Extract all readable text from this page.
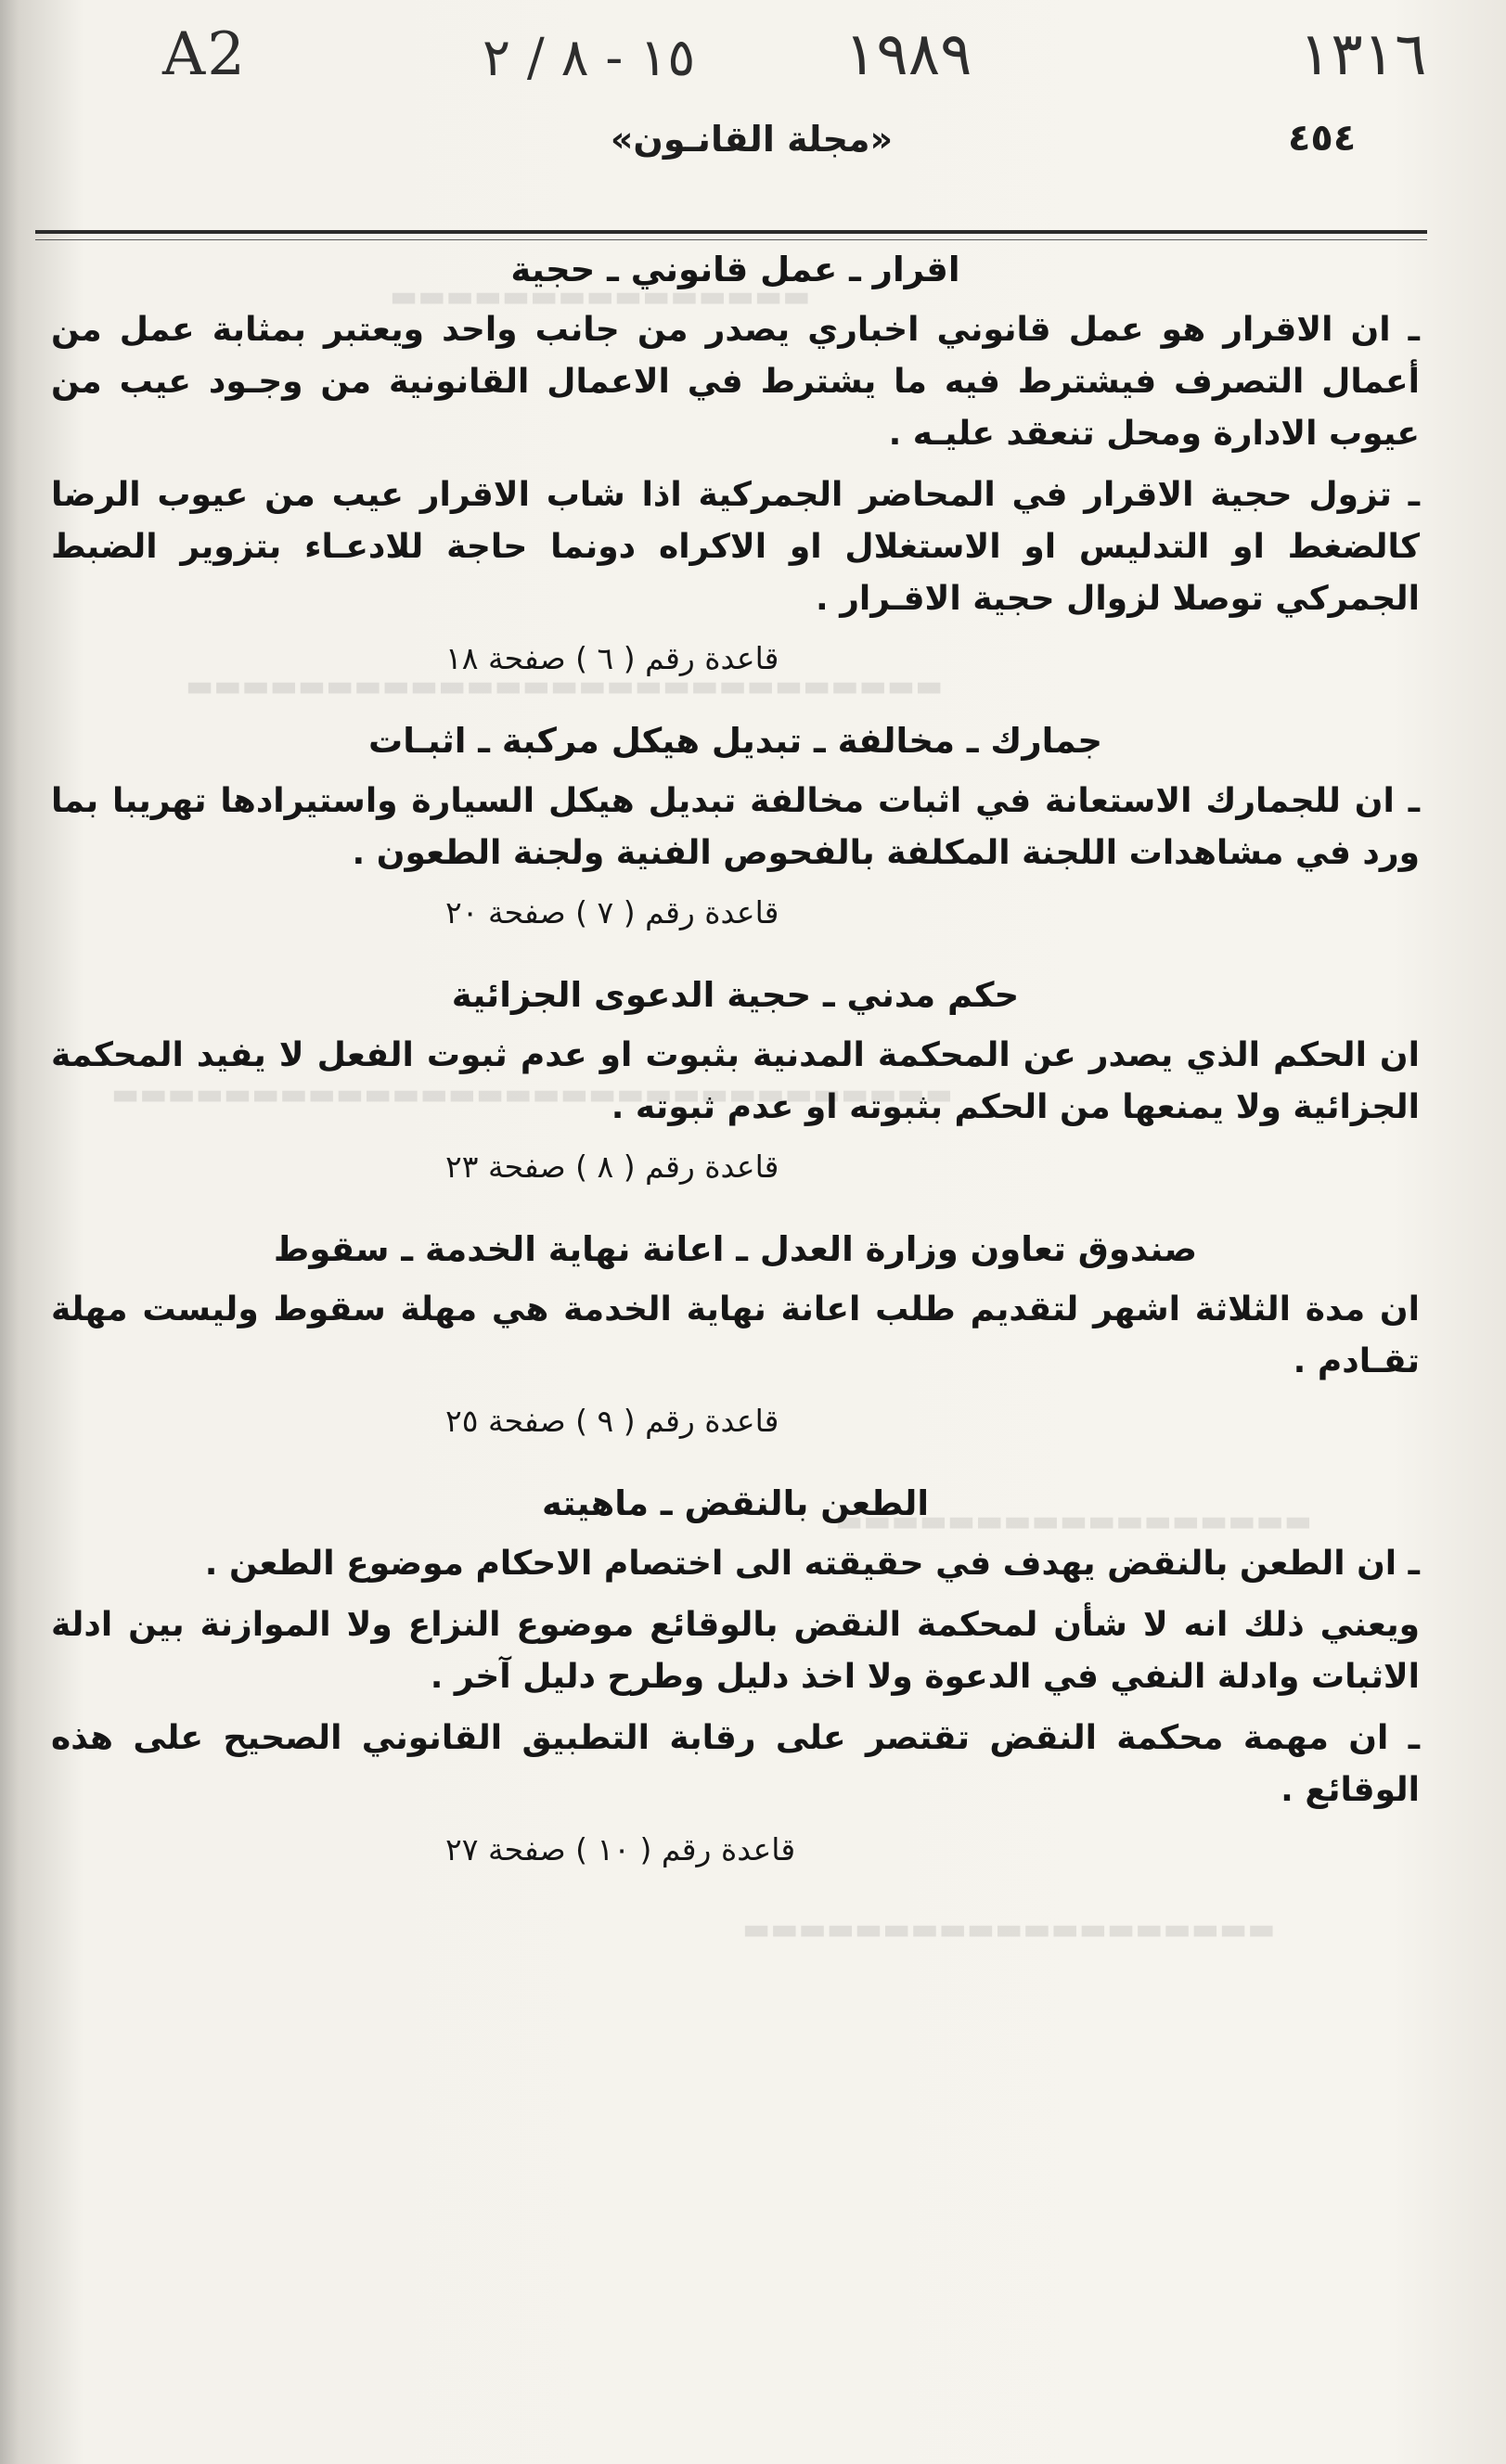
A2	١٥ - ٨ / ٢	١٩٨٩	١٣١٦
«مجلة القانـون»	٤٥٤
▬▬▬▬▬▬▬▬▬▬▬▬▬▬▬
▬▬▬▬▬▬▬▬▬▬▬▬▬▬▬▬▬▬▬▬▬▬▬▬▬▬▬
▬▬▬▬▬▬▬▬▬▬▬▬▬▬▬▬▬▬▬▬▬▬▬▬▬▬▬▬▬▬
▬▬▬▬▬▬▬▬▬▬▬▬▬▬▬▬▬
▬▬▬▬▬▬▬▬▬▬▬▬▬▬▬▬▬▬▬
اقرار ـ عمل قانوني ـ حجية
ـ ان الاقرار هو عمل قانوني اخباري يصدر من جانب واحد ويعتبر بمثابة عمل من أعمال التصرف فيشترط فيه ما يشترط في الاعمال القانونية من وجـود عيب من عيوب الادارة ومحل تنعقد عليـه .
ـ تزول حجية الاقرار في المحاضر الجمركية اذا شاب الاقرار عيب من عيوب الرضا كالضغط او التدليس او الاستغلال او الاكراه دونما حاجة للادعـاء بتزوير الضبط الجمركي توصلا لزوال حجية الاقـرار .
قاعدة رقم ( ٦ ) صفحة ١٨
جمارك ـ مخالفة ـ تبديل هيكل مركبة ـ اثبـات
ـ ان للجمارك الاستعانة في اثبات مخالفة تبديل هيكل السيارة واستيرادها تهريبا بما ورد في مشاهدات اللجنة المكلفة بالفحوص الفنية ولجنة الطعون .
قاعدة رقم ( ٧ ) صفحة ٢٠
حكم مدني ـ حجية الدعوى الجزائية
ان الحكم الذي يصدر عن المحكمة المدنية بثبوت او عدم ثبوت الفعل لا يفيد المحكمة الجزائية ولا يمنعها من الحكم بثبوته او عدم ثبوته .
قاعدة رقم ( ٨ ) صفحة ٢٣
صندوق تعاون وزارة العدل ـ اعانة نهاية الخدمة ـ سقوط
ان مدة الثلاثة اشهر لتقديم طلب اعانة نهاية الخدمة هي مهلة سقوط وليست مهلة تقـادم .
قاعدة رقم ( ٩ ) صفحة ٢٥
الطعن بالنقض ـ ماهيته
ـ ان الطعن بالنقض يهدف في حقيقته الى اختصام الاحكام موضوع الطعن .
ويعني ذلك انه لا شأن لمحكمة النقض بالوقائع موضوع النزاع ولا الموازنة بين ادلة الاثبات وادلة النفي في الدعوة ولا اخذ دليل وطرح دليل آخر .
ـ ان مهمة محكمة النقض تقتصر على رقابة التطبيق القانوني الصحيح على هذه الوقائع .
قاعدة رقم ( ١٠ ) صفحة ٢٧
